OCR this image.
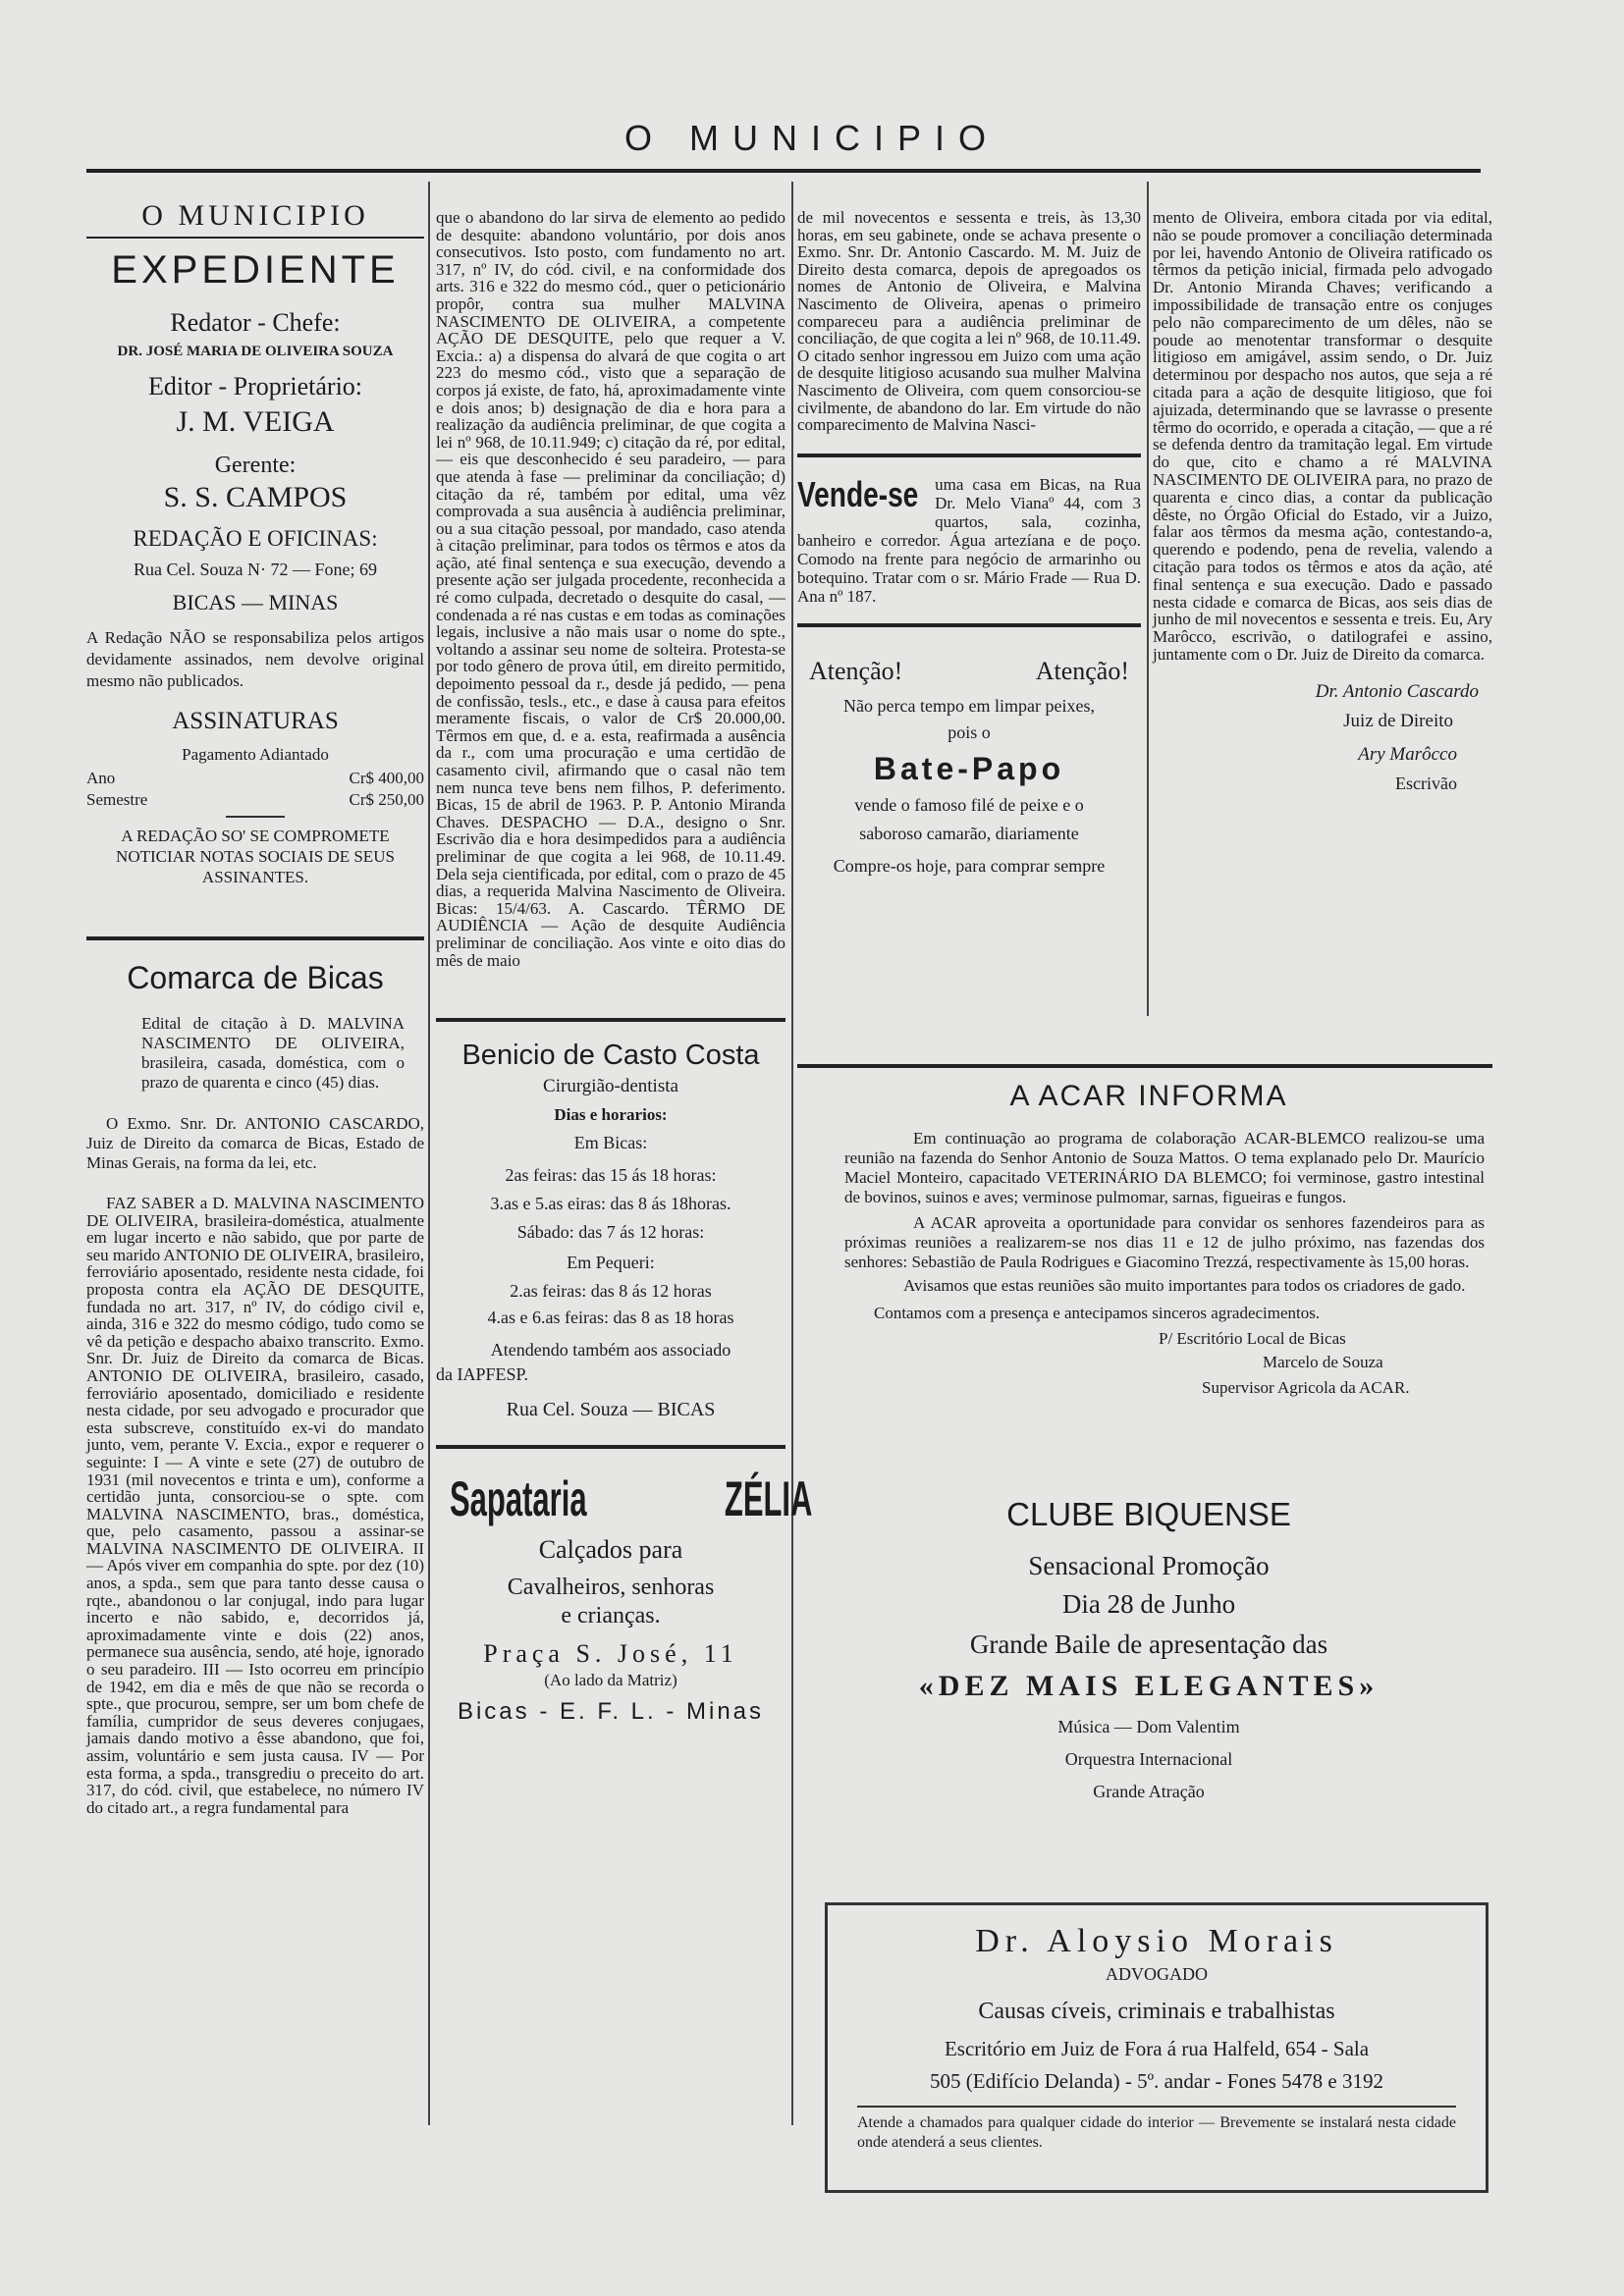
O MUNICIPIO
O MUNICIPIO
EXPEDIENTE
Redator - Chefe:
DR. JOSÉ MARIA DE OLIVEIRA SOUZA
Editor - Proprietário:
J. M. VEIGA
Gerente:
S. S. CAMPOS
REDAÇÃO E OFICINAS:
Rua Cel. Souza N· 72 — Fone; 69
BICAS — MINAS

A Redação NÃO se responsabiliza pelos artigos devidamente assinados, nem devolve original mesmo não publicados.

ASSINATURAS
Pagamento Adiantado
Ano	Cr$ 400,00
Semestre	Cr$ 250,00

A REDAÇÃO SO' SE COMPROMETE NOTICIAR NOTAS SOCIAIS DE SEUS ASSINANTES.

Comarca de Bicas

Edital de citação à D. MALVINA NASCIMENTO DE OLIVEIRA, brasileira, casada, doméstica, com o prazo de quarenta e cinco (45) dias.

O Exmo. Snr. Dr. ANTONIO CASCARDO, Juiz de Direito da comarca de Bicas, Estado de Minas Gerais, na forma da lei, etc.

FAZ SABER a D. MALVINA NASCIMENTO DE OLIVEIRA, brasileira-doméstica, atualmente em lugar incerto e não sabido, que por parte de seu marido ANTONIO DE OLIVEIRA, brasileiro, ferroviário aposentado, residente nesta cidade, foi proposta contra ela AÇÃO DE DESQUITE, fundada no art. 317, nº IV, do código civil e, ainda, 316 e 322 do mesmo código, tudo como se vê da petição e despacho abaixo transcrito. Exmo. Snr. Dr. Juiz de Direito da comarca de Bicas. ANTONIO DE OLIVEIRA, brasileiro, casado, ferroviário aposentado, domiciliado e residente nesta cidade, por seu advogado e procurador que esta subscreve, constituído ex-vi do mandato junto, vem, perante V. Excia., expor e requerer o seguinte: I — A vinte e sete (27) de outubro de 1931 (mil novecentos e trinta e um), conforme a certidão junta, consorciou-se o spte. com MALVINA NASCIMENTO, bras., doméstica, que, pelo casamento, passou a assinar-se MALVINA NASCIMENTO DE OLIVEIRA. II — Após viver em companhia do spte. por dez (10) anos, a spda., sem que para tanto desse causa o rqte., abandonou o lar conjugal, indo para lugar incerto e não sabido, e, decorridos já, aproximadamente vinte e dois (22) anos, permanece sua ausência, sendo, até hoje, ignorado o seu paradeiro. III — Isto ocorreu em princípio de 1942, em dia e mês de que não se recorda o spte., que procurou, sempre, ser um bom chefe de família, cumpridor de seus deveres conjugaes, jamais dando motivo a êsse abandono, que foi, assim, voluntário e sem justa causa. IV — Por esta forma, a spda., transgrediu o preceito do art. 317, do cód. civil, que estabelece, no número IV do citado art., a regra fundamental para

que o abandono do lar sirva de elemento ao pedido de desquite: abandono voluntário, por dois anos consecutivos. Isto posto, com fundamento no art. 317, nº IV, do cód. civil, e na conformidade dos arts. 316 e 322 do mesmo cód., quer o peticionário propôr, contra sua mulher MALVINA NASCIMENTO DE OLIVEIRA, a competente AÇÃO DE DESQUITE, pelo que requer a V. Excia.: a) a dispensa do alvará de que cogita o art 223 do mesmo cód., visto que a separação de corpos já existe, de fato, há, aproximadamente vinte e dois anos; b) designação de dia e hora para a realização da audiência preliminar, de que cogita a lei nº 968, de 10.11.949; c) citação da ré, por edital, — eis que desconhecido é seu paradeiro, — para que atenda à fase — preliminar da conciliação; d) citação da ré, também por edital, uma vêz comprovada a sua ausência à audiência preliminar, ou a sua citação pessoal, por mandado, caso atenda à citação preliminar, para todos os têrmos e atos da ação, até final sentença e sua execução, devendo a presente ação ser julgada procedente, reconhecida a ré como culpada, decretado o desquite do casal, — condenada a ré nas custas e em todas as cominações legais, inclusive a não mais usar o nome do spte., voltando a assinar seu nome de solteira. Protesta-se por todo gênero de prova útil, em direito permitido, depoimento pessoal da r., desde já pedido, — pena de confissão, tesls., etc., e dase à causa para efeitos meramente fiscais, o valor de Cr$ 20.000,00. Têrmos em que, d. e a. esta, reafirmada a ausência da r., com uma procuração e uma certidão de casamento civil, afirmando que o casal não tem nem nunca teve bens nem filhos, P. deferimento. Bicas, 15 de abril de 1963. P. P. Antonio Miranda Chaves. DESPACHO — D.A., designo o Snr. Escrivão dia e hora desimpedidos para a audiência preliminar de que cogita a lei 968, de 10.11.49. Dela seja cientificada, por edital, com o prazo de 45 dias, a requerida Malvina Nascimento de Oliveira. Bicas: 15/4/63. A. Cascardo. TÊRMO DE AUDIÊNCIA — Ação de desquite Audiência preliminar de conciliação. Aos vinte e oito dias do mês de maio

Benicio de Casto Costa
Cirurgião-dentista
Dias e horarios:
Em Bicas:
2as feiras: das 15 ás 18 horas:
3.as e 5.as eiras: das 8 ás 18horas.
Sábado: das 7 ás 12 horas:
Em Pequeri:
2.as feiras: das 8 ás 12 horas
4.as e 6.as feiras: das 8 as 18 horas
Atendendo também aos associado
da IAPFESP.
Rua Cel. Souza — BICAS
Sapataria	ZÉLIA
Calçados para
Cavalheiros, senhoras
e crianças.
Praça S. José, 11
(Ao lado da Matriz)
Bicas - E. F. L. - Minas

de mil novecentos e sessenta e treis, às 13,30 horas, em seu gabinete, onde se achava presente o Exmo. Snr. Dr. Antonio Cascardo. M. M. Juiz de Direito desta comarca, depois de apregoados os nomes de Antonio de Oliveira, e Malvina Nascimento de Oliveira, apenas o primeiro compareceu para a audiência preliminar de conciliação, de que cogita a lei nº 968, de 10.11.49. O citado senhor ingressou em Juizo com uma ação de desquite litigioso acusando sua mulher Malvina Nascimento de Oliveira, com quem consorciou-se civilmente, de abandono do lar. Em virtude do não comparecimento de Malvina Nasci-

Vende-se uma casa em Bicas, na Rua Dr. Melo Vianaº 44, com 3 quartos, sala, cozinha, banheiro e corredor. Água artezíana e de poço. Comodo na frente para negócio de armarinho ou botequino. Tratar com o sr. Mário Frade — Rua D. Ana nº 187.

Atenção!	Atenção!
Não perca tempo em limpar peixes,
pois o
Bate-Papo
vende o famoso filé de peixe e o
saboroso camarão, diariamente
Compre-os hoje, para comprar sempre

mento de Oliveira, embora citada por via edital, não se poude promover a conciliação determinada por lei, havendo Antonio de Oliveira ratificado os têrmos da petição inicial, firmada pelo advogado Dr. Antonio Miranda Chaves; verificando a impossibilidade de transação entre os conjuges pelo não comparecimento de um dêles, não se poude ao menotentar transformar o desquite litigioso em amigável, assim sendo, o Dr. Juiz determinou por despacho nos autos, que seja a ré citada para a ação de desquite litigioso, que foi ajuizada, determinando que se lavrasse o presente têrmo do ocorrido, e operada a citação, — que a ré se defenda dentro da tramitação legal. Em virtude do que, cito e chamo a ré MALVINA NASCIMENTO DE OLIVEIRA para, no prazo de quarenta e cinco dias, a contar da publicação dêste, no Órgão Oficial do Estado, vir a Juizo, falar aos têrmos da mesma ação, contestando-a, querendo e podendo, pena de revelia, valendo a citação para todos os têrmos e atos da ação, até final sentença e sua execução. Dado e passado nesta cidade e comarca de Bicas, aos seis dias de junho de mil novecentos e sessenta e treis. Eu, Ary Marôcco, escrivão, o datilografei e assino, juntamente com o Dr. Juiz de Direito da comarca.

Dr. Antonio Cascardo
Juiz de Direito
Ary Marôcco
Escrivão
A ACAR INFORMA

Em continuação ao programa de colaboração ACAR-BLEMCO realizou-se uma reunião na fazenda do Senhor Antonio de Souza Mattos. O tema explanado pelo Dr. Maurício Maciel Monteiro, capacitado VETERINÁRIO DA BLEMCO; foi verminose, gastro intestinal de bovinos, suinos e aves; verminose pulmomar, sarnas, figueiras e fungos.

A ACAR aproveita a oportunidade para convidar os senhores fazendeiros para as próximas reuniões a realizarem-se nos dias 11 e 12 de julho próximo, nas fazendas dos senhores: Sebastião de Paula Rodrigues e Giacomino Trezzá, respectivamente às 15,00 horas.

Avisamos que estas reuniões são muito importantes para todos os criadores de gado.

Contamos com a presença e antecipamos sinceros agradecimentos.

P/ Escritório Local de Bicas
Marcelo de Souza
Supervisor Agricola da ACAR.
CLUBE BIQUENSE
Sensacional Promoção
Dia 28 de Junho
Grande Baile de apresentação das
«DEZ MAIS ELEGANTES»
Música — Dom Valentim
Orquestra Internacional
Grande Atração
Dr. Aloysio Morais
ADVOGADO
Causas cíveis, criminais e trabalhistas
Escritório em Juiz de Fora á rua Halfeld, 654 - Sala
505 (Edifício Delanda) - 5º. andar - Fones 5478 e 3192

Atende a chamados para qualquer cidade do interior — Brevemente se instalará nesta cidade onde atenderá a seus clientes.
